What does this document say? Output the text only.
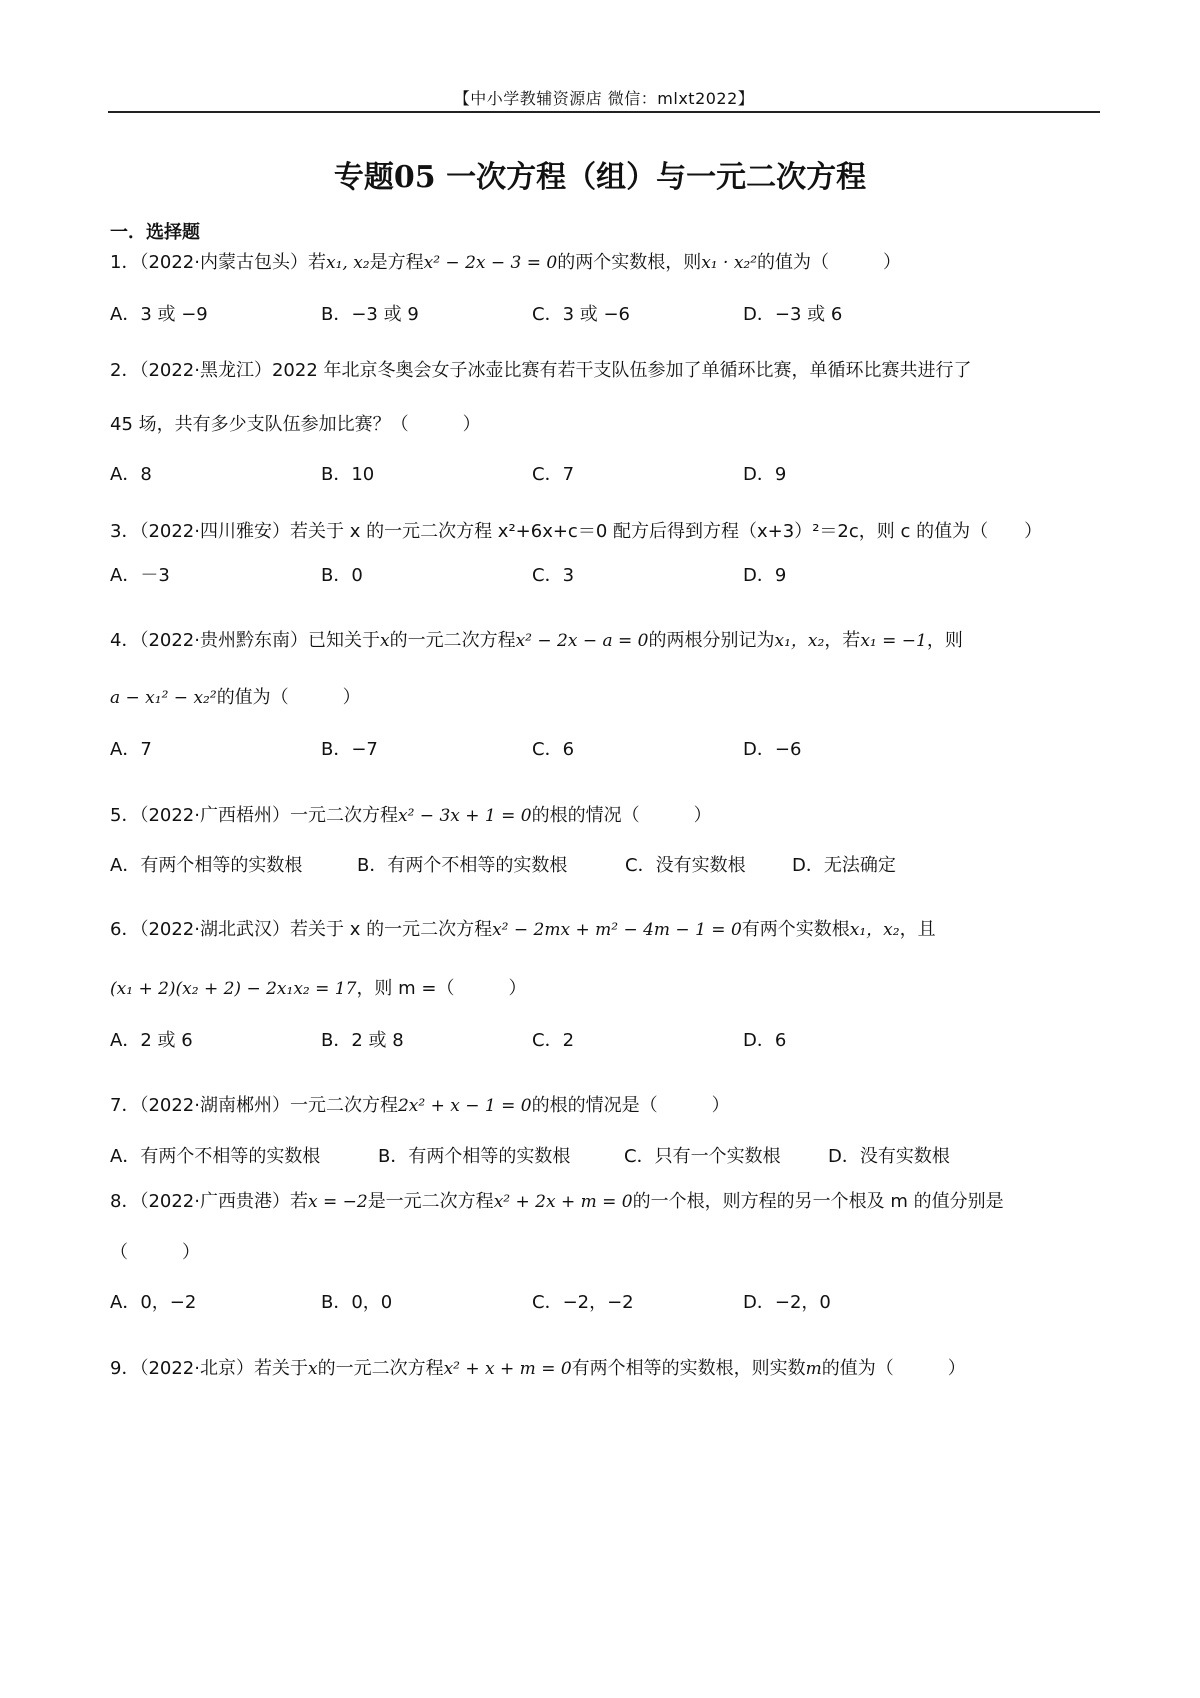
【中小学教辅资源店 微信：mlxt2022】
专题05 一次方程（组）与一元二次方程
一．选择题
1．（2022·内蒙古包头）若x₁, x₂是方程x² − 2x − 3 = 0的两个实数根，则x₁ · x₂²的值为（　　　）
A．3 或 −9	B．−3 或 9	C．3 或 −6	D．−3 或 6
2．（2022·黑龙江）2022 年北京冬奥会女子冰壶比赛有若干支队伍参加了单循环比赛，单循环比赛共进行了
45 场，共有多少支队伍参加比赛？（　　　）
A．8	B．10	C．7	D．9
3．（2022·四川雅安）若关于 x 的一元二次方程 x²+6x+c＝0 配方后得到方程（x+3）²＝2c，则 c 的值为（　　）
A．－3	B．0	C．3	D．9
4．（2022·贵州黔东南）已知关于x的一元二次方程x² − 2x − a = 0的两根分别记为x₁，x₂，若x₁ = −1，则
a − x₁² − x₂²的值为（　　　）
A．7	B．−7	C．6	D．−6
5．（2022·广西梧州）一元二次方程x² − 3x + 1 = 0的根的情况（　　　）
A．有两个相等的实数根	B．有两个不相等的实数根	C．没有实数根	D．无法确定
6．（2022·湖北武汉）若关于 x 的一元二次方程x² − 2mx + m² − 4m − 1 = 0有两个实数根x₁，x₂，且
(x₁ + 2)(x₂ + 2) − 2x₁x₂ = 17，则 m =（　　　）
A．2 或 6	B．2 或 8	C．2	D．6
7．（2022·湖南郴州）一元二次方程2x² + x − 1 = 0的根的情况是（　　　）
A．有两个不相等的实数根	B．有两个相等的实数根	C．只有一个实数根	D．没有实数根
8．（2022·广西贵港）若x = −2是一元二次方程x² + 2x + m = 0的一个根，则方程的另一个根及 m 的值分别是
（　　　）
A．0，−2	B．0，0	C．−2，−2	D．−2，0
9．（2022·北京）若关于x的一元二次方程x² + x + m = 0有两个相等的实数根，则实数m的值为（　　　）
